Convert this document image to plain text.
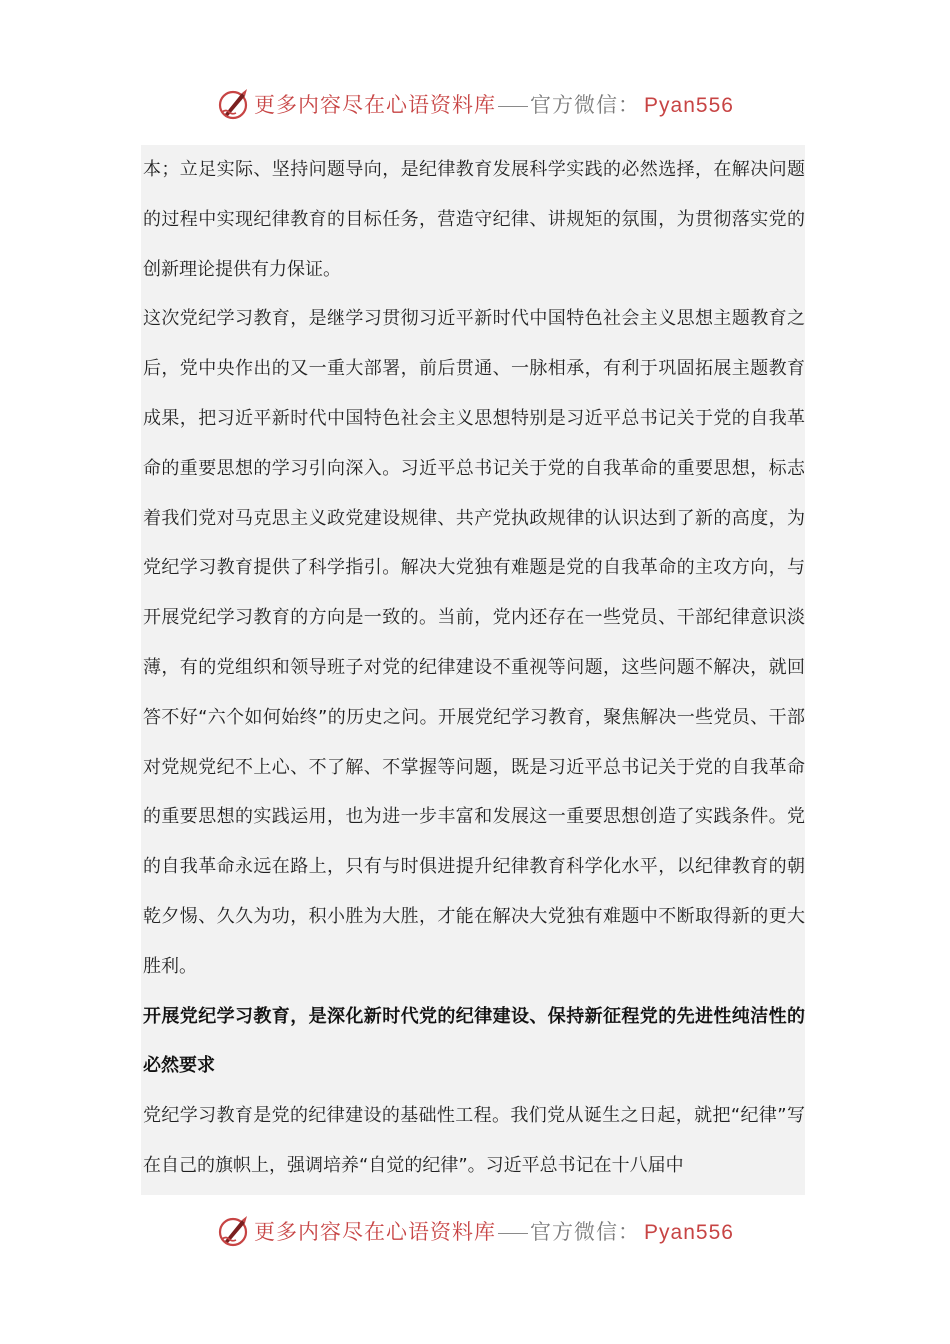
更多内容尽在心语资料库 官方微信： Pyan556

本；立足实际、坚持问题导向，是纪律教育发展科学实践的必然选择，在解决问题的过程中实现纪律教育的目标任务，营造守纪律、讲规矩的氛围，为贯彻落实党的创新理论提供有力保证。

这次党纪学习教育，是继学习贯彻习近平新时代中国特色社会主义思想主题教育之后，党中央作出的又一重大部署，前后贯通、一脉相承，有利于巩固拓展主题教育成果，把习近平新时代中国特色社会主义思想特别是习近平总书记关于党的自我革命的重要思想的学习引向深入。习近平总书记关于党的自我革命的重要思想，标志着我们党对马克思主义政党建设规律、共产党执政规律的认识达到了新的高度，为党纪学习教育提供了科学指引。解决大党独有难题是党的自我革命的主攻方向，与开展党纪学习教育的方向是一致的。当前，党内还存在一些党员、干部纪律意识淡薄，有的党组织和领导班子对党的纪律建设不重视等问题，这些问题不解决，就回答不好“六个如何始终”的历史之问。开展党纪学习教育，聚焦解决一些党员、干部对党规党纪不上心、不了解、不掌握等问题，既是习近平总书记关于党的自我革命的重要思想的实践运用，也为进一步丰富和发展这一重要思想创造了实践条件。党的自我革命永远在路上，只有与时俱进提升纪律教育科学化水平，以纪律教育的朝乾夕惕、久久为功，积小胜为大胜，才能在解决大党独有难题中不断取得新的更大胜利。

开展党纪学习教育，是深化新时代党的纪律建设、保持新征程党的先进性纯洁性的必然要求

党纪学习教育是党的纪律建设的基础性工程。我们党从诞生之日起，就把“纪律”写在自己的旗帜上，强调培养“自觉的纪律”。习近平总书记在十八届中

更多内容尽在心语资料库 官方微信： Pyan556
